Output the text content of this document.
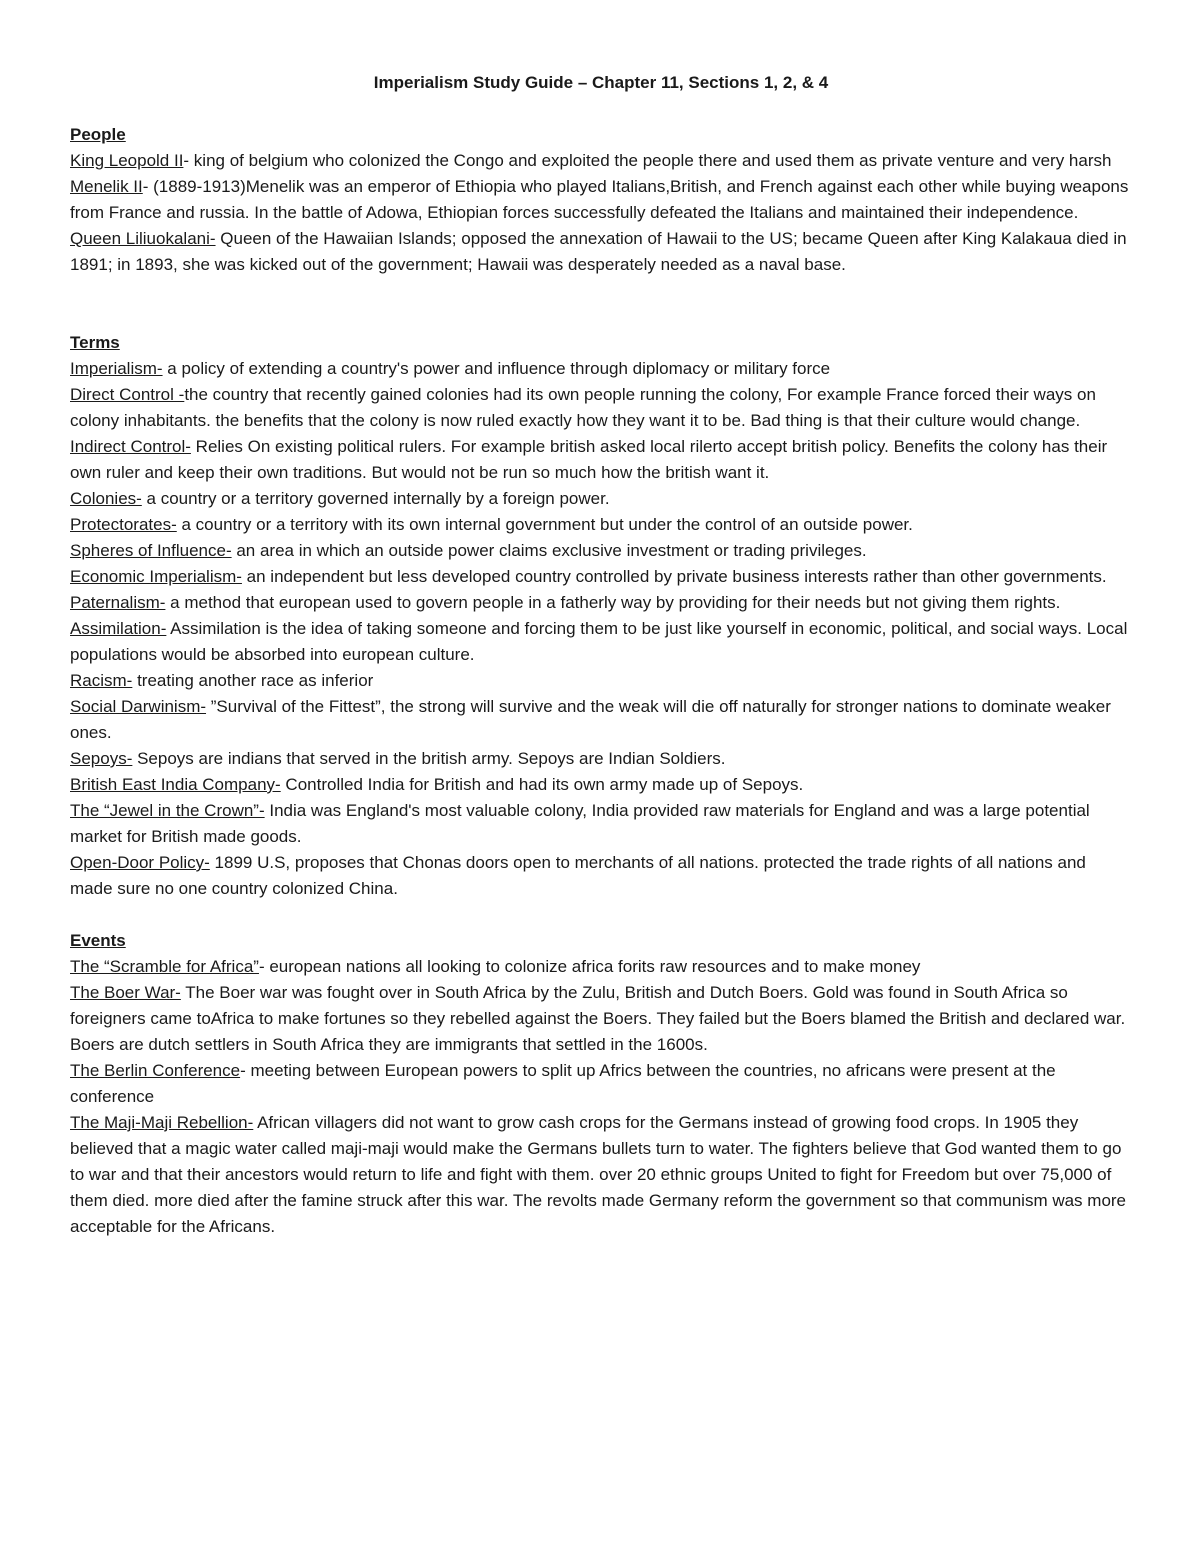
Imperialism Study Guide – Chapter 11, Sections 1, 2, & 4
People

King Leopold II- king of belgium who colonized the Congo and exploited the people there and used them as private venture and very harsh

Menelik II- (1889-1913)Menelik was an emperor of Ethiopia who played Italians,British, and French against each other while buying weapons from France and russia. In the battle of Adowa, Ethiopian forces successfully defeated the Italians and maintained their independence.

Queen Liliuokalani- Queen of the Hawaiian Islands; opposed the annexation of Hawaii to the US; became Queen after King Kalakaua died in 1891; in 1893, she was kicked out of the government; Hawaii was desperately needed as a naval base.

Terms

Imperialism- a policy of extending a country's power and influence through diplomacy or military force

Direct Control -the country that recently gained colonies had its own people running the colony, For example France forced their ways on colony inhabitants. the benefits that the colony is now ruled exactly how they want it to be. Bad thing is that their culture would change.

Indirect Control- Relies On existing political rulers. For example british asked local rilerto accept british policy. Benefits the colony has their own ruler and keep their own traditions. But would not be run so much how the british want it.

Colonies- a country or a territory governed internally by a foreign power.

Protectorates- a country or a territory with its own internal government but under the control of an outside power.

Spheres of Influence- an area in which an outside power claims exclusive investment or trading privileges.

Economic Imperialism- an independent but less developed country controlled by private business interests rather than other governments.

Paternalism- a method that european used to govern people in a fatherly way by providing for their needs but not giving them rights.

Assimilation- Assimilation is the idea of taking someone and forcing them to be just like yourself in economic, political, and social ways. Local populations would be absorbed into european culture.

Racism- treating another race as inferior

Social Darwinism- ”Survival of the Fittest”, the strong will survive and the weak will die off naturally for stronger nations to dominate weaker ones.

Sepoys- Sepoys are indians that served in the british army. Sepoys are Indian Soldiers.

British East India Company- Controlled India for British and had its own army made up of Sepoys.

The “Jewel in the Crown”- India was England's most valuable colony, India provided raw materials for England and was a large potential market for British made goods.

Open-Door Policy- 1899 U.S, proposes that Chonas doors open to merchants of all nations. protected the trade rights of all nations and made sure no one country colonized China.

Events

The “Scramble for Africa”- european nations all looking to colonize africa forits raw resources and to make money

The Boer War- The Boer war was fought over in South Africa by the Zulu, British and Dutch Boers. Gold was found in South Africa so foreigners came toAfrica to make fortunes so they rebelled against the Boers. They failed but the Boers blamed the British and declared war. Boers are dutch settlers in South Africa they are immigrants that settled in the 1600s.

The Berlin Conference- meeting between European powers to split up Africs between the countries, no africans were present at the conference

The Maji-Maji Rebellion- African villagers did not want to grow cash crops for the Germans instead of growing food crops. In 1905 they believed that a magic water called maji-maji would make the Germans bullets turn to water. The fighters believe that God wanted them to go to war and that their ancestors would return to life and fight with them. over 20 ethnic groups United to fight for Freedom but over 75,000 of them died. more died after the famine struck after this war. The revolts made Germany reform the government so that communism was more acceptable for the Africans.
